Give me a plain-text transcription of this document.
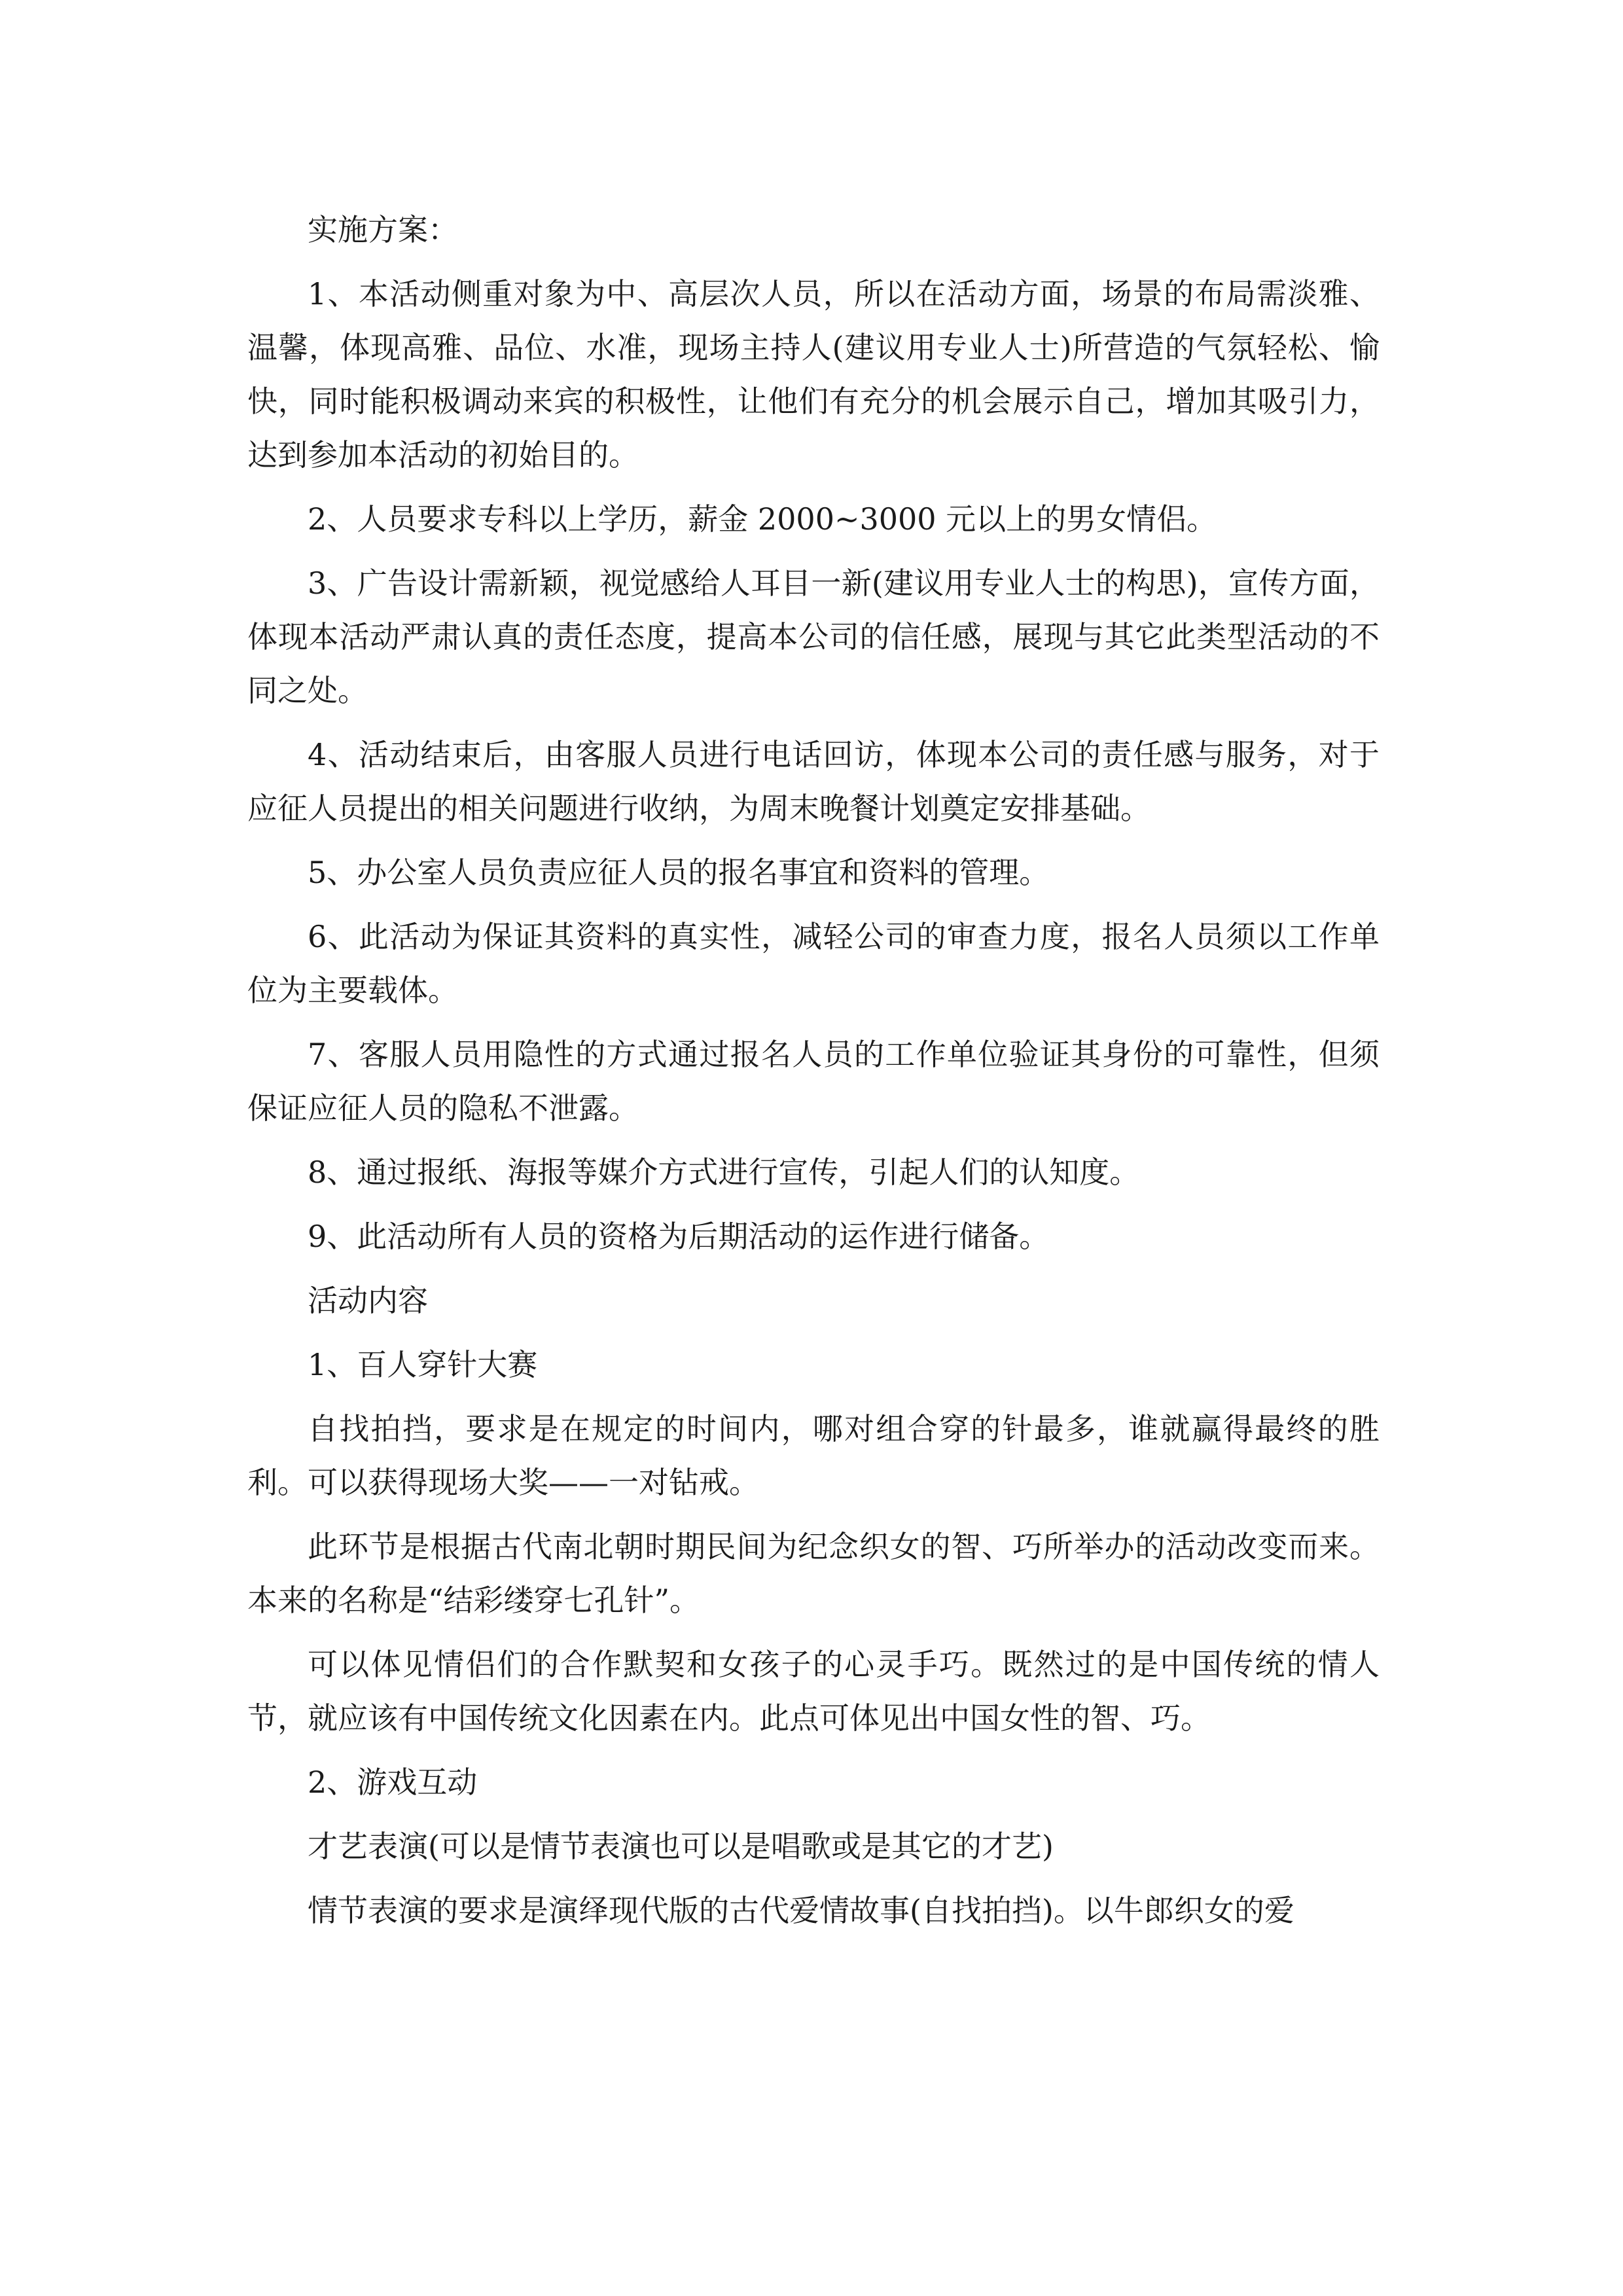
实施方案：

1、本活动侧重对象为中、高层次人员，所以在活动方面，场景的布局需淡雅、温馨，体现高雅、品位、水准，现场主持人(建议用专业人士)所营造的气氛轻松、愉快，同时能积极调动来宾的积极性，让他们有充分的机会展示自己，增加其吸引力，达到参加本活动的初始目的。

2、人员要求专科以上学历，薪金 2000~3000 元以上的男女情侣。

3、广告设计需新颖，视觉感给人耳目一新(建议用专业人士的构思)，宣传方面，体现本活动严肃认真的责任态度，提高本公司的信任感，展现与其它此类型活动的不同之处。

4、活动结束后，由客服人员进行电话回访，体现本公司的责任感与服务，对于应征人员提出的相关问题进行收纳，为周末晚餐计划奠定安排基础。

5、办公室人员负责应征人员的报名事宜和资料的管理。

6、此活动为保证其资料的真实性，减轻公司的审查力度，报名人员须以工作单位为主要载体。

7、客服人员用隐性的方式通过报名人员的工作单位验证其身份的可靠性，但须保证应征人员的隐私不泄露。

8、通过报纸、海报等媒介方式进行宣传，引起人们的认知度。

9、此活动所有人员的资格为后期活动的运作进行储备。

活动内容

1、百人穿针大赛

自找拍挡，要求是在规定的时间内，哪对组合穿的针最多，谁就赢得最终的胜利。可以获得现场大奖——一对钻戒。

此环节是根据古代南北朝时期民间为纪念织女的智、巧所举办的活动改变而来。本来的名称是“结彩缕穿七孔针”。

可以体见情侣们的合作默契和女孩子的心灵手巧。既然过的是中国传统的情人节，就应该有中国传统文化因素在内。此点可体见出中国女性的智、巧。

2、游戏互动

才艺表演(可以是情节表演也可以是唱歌或是其它的才艺)

情节表演的要求是演绎现代版的古代爱情故事(自找拍挡)。以牛郎织女的爱
